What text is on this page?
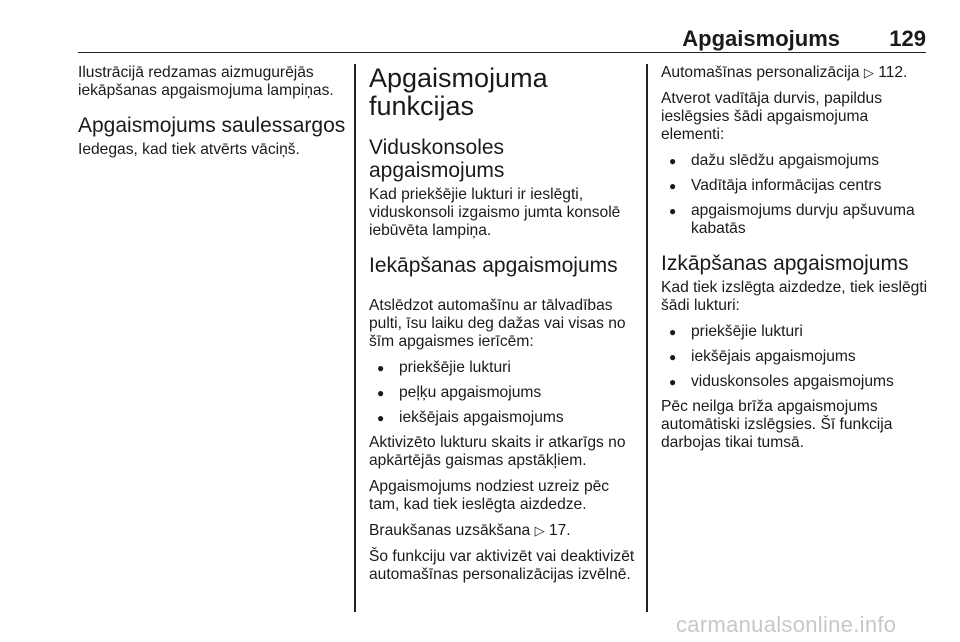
Apgaismojums 129

Ilustrācijā redzamas aizmugurējās iekāpšanas apgaismojuma lampiņas.

Apgaismojums saulessargos

Iedegas, kad tiek atvērts vāciņš.

Apgaismojuma funkcijas
Viduskonsoles apgaismojums

Kad priekšējie lukturi ir ieslēgti, viduskonsoli izgaismo jumta konsolē iebūvēta lampiņa.

Iekāpšanas apgaismojums

Atslēdzot automašīnu ar tālvadības pulti, īsu laiku deg dažas vai visas no šīm apgaismes ierīcēm:

● priekšējie lukturi
● peļķu apgaismojums
● iekšējais apgaismojums

Aktivizēto lukturu skaits ir atkarīgs no apkārtējās gaismas apstākļiem.

Apgaismojums nodziest uzreiz pēc tam, kad tiek ieslēgta aizdedze.

Braukšanas uzsākšana ▷ 17.

Šo funkciju var aktivizēt vai deaktivizēt automašīnas personalizācijas izvēlnē.

Automašīnas personalizācija ▷ 112.

Atverot vadītāja durvis, papildus ieslēgsies šādi apgaismojuma elementi:

● dažu slēdžu apgaismojums
● Vadītāja informācijas centrs
● apgaismojums durvju apšuvuma kabatās
Izkāpšanas apgaismojums

Kad tiek izslēgta aizdedze, tiek ieslēgti šādi lukturi:

● priekšējie lukturi
● iekšējais apgaismojums
● viduskonsoles apgaismojums

Pēc neilga brīža apgaismojums automātiski izslēgsies. Šī funkcija darbojas tikai tumsā.

carmanualsonline.info
